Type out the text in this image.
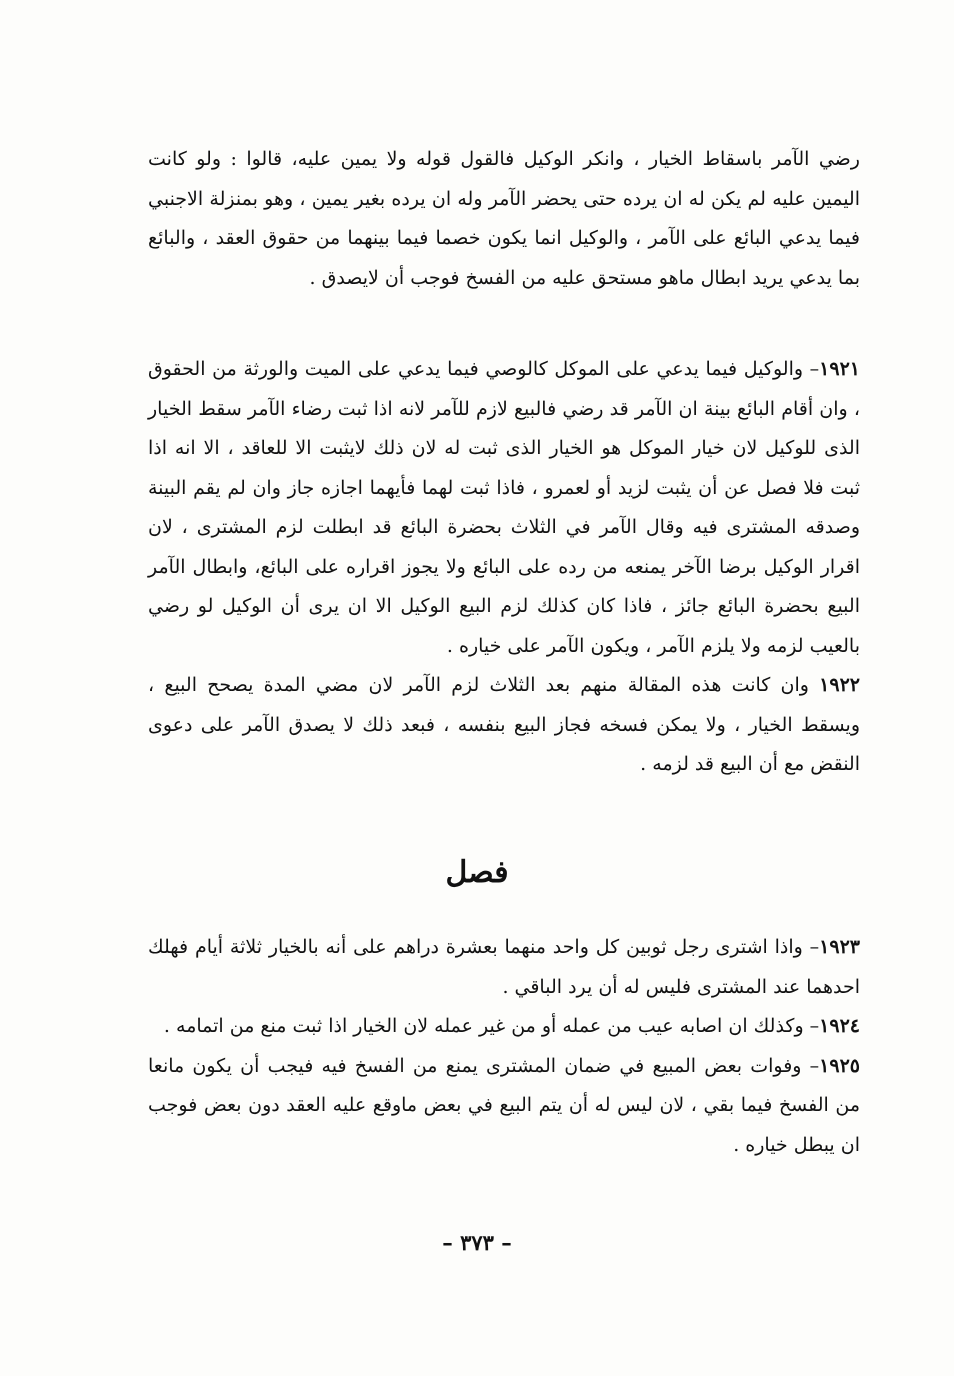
رضي الآمر باسقاط الخيار ، وانكر الوكيل فالقول قوله ولا يمين عليه، قالوا : ولو كانت اليمين عليه لم يكن له ان يرده حتى يحضر الآمر وله ان يرده بغير يمين ، وهو بمنزلة الاجنبي فيما يدعي البائع على الآمر ، والوكيل انما يكون خصما فيما بينهما من حقوق العقد ، والبائع بما يدعي يريد ابطال ماهو مستحق عليه من الفسخ فوجب أن لايصدق .

١٩٢١– والوكيل فيما يدعي على الموكل كالوصي فيما يدعي على الميت والورثة من الحقوق ، وان أقام البائع بينة ان الآمر قد رضي فالبيع لازم للآمر لانه اذا ثبت رضاء الآمر سقط الخيار الذى للوكيل لان خيار الموكل هو الخيار الذى ثبت له لان ذلك لايثبت الا للعاقد ، الا انه اذا ثبت فلا فصل عن أن يثبت لزيد أو لعمرو ، فاذا ثبت لهما فأيهما اجازه جاز وان لم يقم البينة وصدقه المشترى فيه وقال الآمر في الثلاث بحضرة البائع قد ابطلت لزم المشترى ، لان اقرار الوكيل برضا الآخر يمنعه من رده على البائع ولا يجوز اقراره على البائع، وابطال الآمر البيع بحضرة البائع جائز ، فاذا كان كذلك لزم البيع الوكيل الا ان يرى أن الوكيل لو رضي بالعيب لزمه ولا يلزم الآمر ، ويكون الآمر على خياره .

١٩٢٢ وان كانت هذه المقالة منهم بعد الثلاث لزم الآمر لان مضي المدة يصحح البيع ، ويسقط الخيار ، ولا يمكن فسخه فجاز البيع بنفسه ، فبعد ذلك لا يصدق الآمر على دعوى النقض مع أن البيع قد لزمه .

فصل

١٩٢٣– واذا اشترى رجل ثوبين كل واحد منهما بعشرة دراهم على أنه بالخيار ثلاثة أيام فهلك احدهما عند المشترى فليس له أن يرد الباقي .

١٩٢٤– وكذلك ان اصابه عيب من عمله أو من غير عمله لان الخيار اذا ثبت منع من اتمامه .

١٩٢٥– وفوات بعض المبيع في ضمان المشترى يمنع من الفسخ فيه فيجب أن يكون مانعا من الفسخ فيما بقي ، لان ليس له أن يتم البيع في بعض ماوقع عليه العقد دون بعض فوجب ان يبطل خياره .

– ٣٧٣ –
